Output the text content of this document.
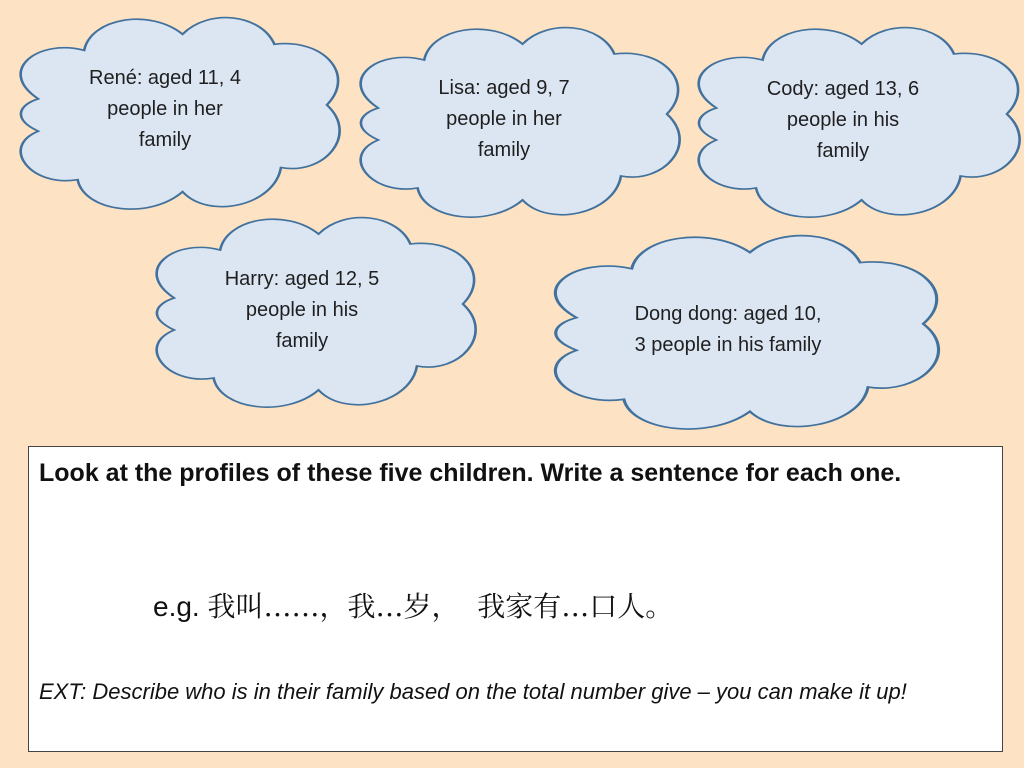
René: aged 11, 4
people in her
family
Lisa: aged 9, 7
people in her
family
Cody: aged 13, 6
people in his
family
Harry: aged 12, 5
people in his
family
Dong dong: aged 10,
3 people in his family
Look at the profiles of these five children. Write a sentence for each one.
e.g. 我叫……，我…岁，  我家有…口人。
EXT: Describe who is in their family based on the total number give – you can make it up!
